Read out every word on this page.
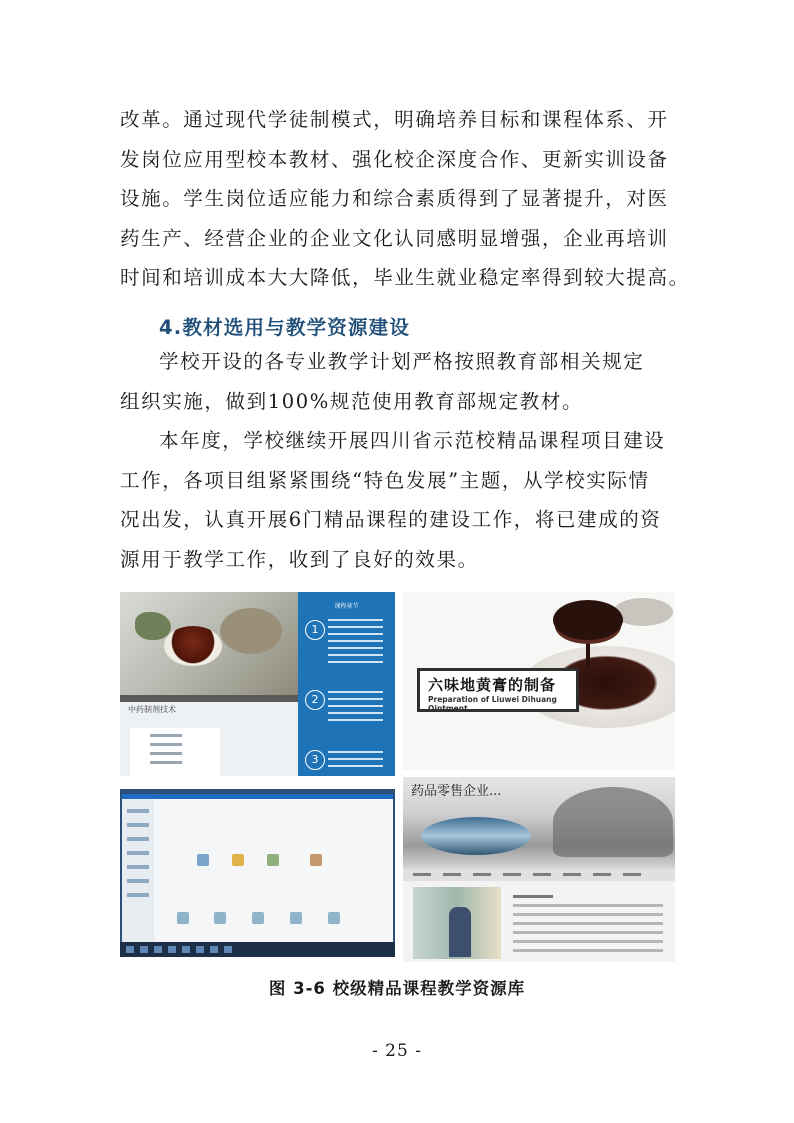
改革。通过现代学徒制模式，明确培养目标和课程体系、开
发岗位应用型校本教材、强化校企深度合作、更新实训设备
设施。学生岗位适应能力和综合素质得到了显著提升，对医
药生产、经营企业的企业文化认同感明显增强，企业再培训
时间和培训成本大大降低，毕业生就业稳定率得到较大提高。
4.教材选用与教学资源建设
学校开设的各专业教学计划严格按照教育部相关规定
组织实施，做到100%规范使用教育部规定教材。
本年度，学校继续开展四川省示范校精品课程项目建设
工作，各项目组紧紧围绕“特色发展”主题，从学校实际情
况出发，认真开展6门精品课程的建设工作，将已建成的资
源用于教学工作，收到了良好的效果。
中药制剂技术
课程章节
1
2
3
六味地黄膏的制备
Preparation of Liuwei Dihuang Ointment
药品零售企业...
图 3-6 校级精品课程教学资源库
- 25 -
